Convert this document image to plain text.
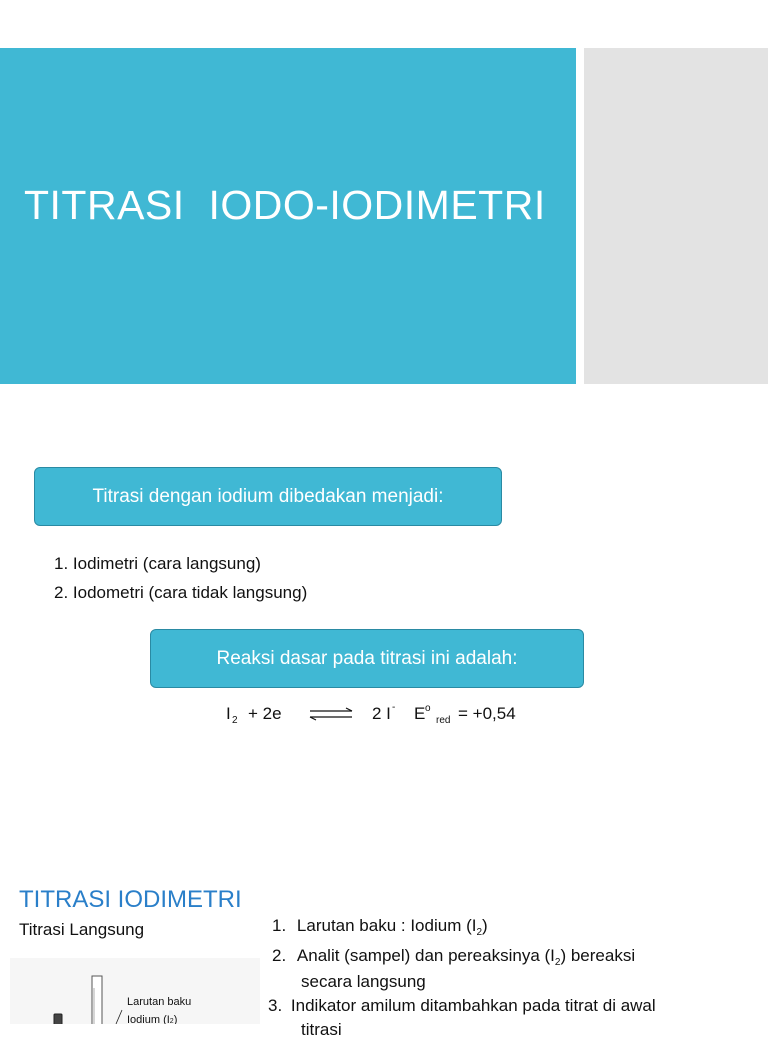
TITRASI  IODO-IODIMETRI
Titrasi dengan iodium dibedakan menjadi:
1. Iodimetri (cara langsung)
2. Iodometri (cara tidak langsung)
Reaksi dasar pada titrasi ini adalah:
I 2 + 2e ⇌ 2 I - E o
red = +0,54
TITRASI IODIMETRI
Titrasi Langsung	1. Larutan baku : Iodium $(I_2)$
2. Analit (sampel) dan pereaksinya $(I_2)$ bereaksi
secara langsung
3. Indikator amilum ditambahkan pada titrat di awal
titrasi
Larutan baku
Iodium (I2)
